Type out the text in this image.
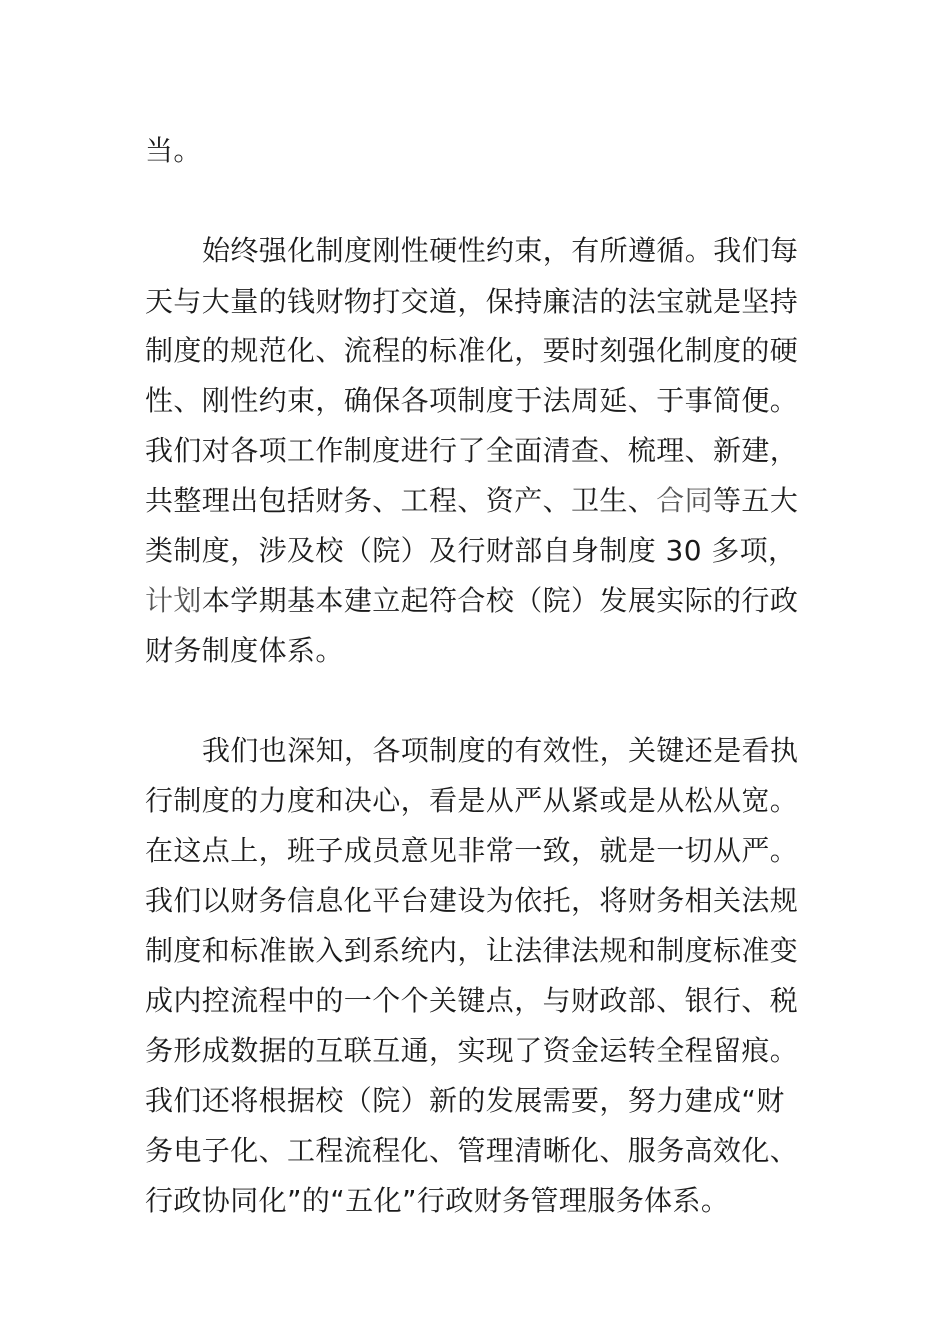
当。
始终强化制度刚性硬性约束，有所遵循。我们每
天与大量的钱财物打交道，保持廉洁的法宝就是坚持
制度的规范化、流程的标准化，要时刻强化制度的硬
性、刚性约束，确保各项制度于法周延、于事简便。
我们对各项工作制度进行了全面清查、梳理、新建，
共整理出包括财务、工程、资产、卫生、合同等五大
类制度，涉及校（院）及行财部自身制度 30 多项，
计划本学期基本建立起符合校（院）发展实际的行政
财务制度体系。
我们也深知，各项制度的有效性，关键还是看执
行制度的力度和决心，看是从严从紧或是从松从宽。
在这点上，班子成员意见非常一致，就是一切从严。
我们以财务信息化平台建设为依托，将财务相关法规
制度和标准嵌入到系统内，让法律法规和制度标准变
成内控流程中的一个个关键点，与财政部、银行、税
务形成数据的互联互通，实现了资金运转全程留痕。
我们还将根据校（院）新的发展需要，努力建成“财
务电子化、工程流程化、管理清晰化、服务高效化、
行政协同化”的“五化”行政财务管理服务体系。
